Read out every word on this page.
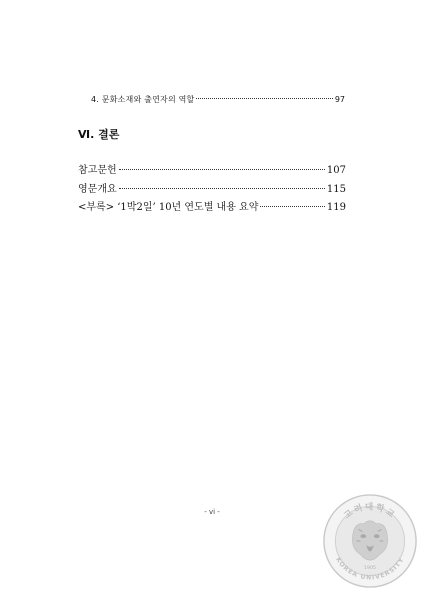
4. 문화소재와 출연자의 역할	97
Ⅵ. 결론
참고문헌	107
영문개요	115
<부록> ‘1박2일’ 10년 연도별 내용 요약	119
- vi -	고려대학교
KOREA UNIVERSITY
1905
